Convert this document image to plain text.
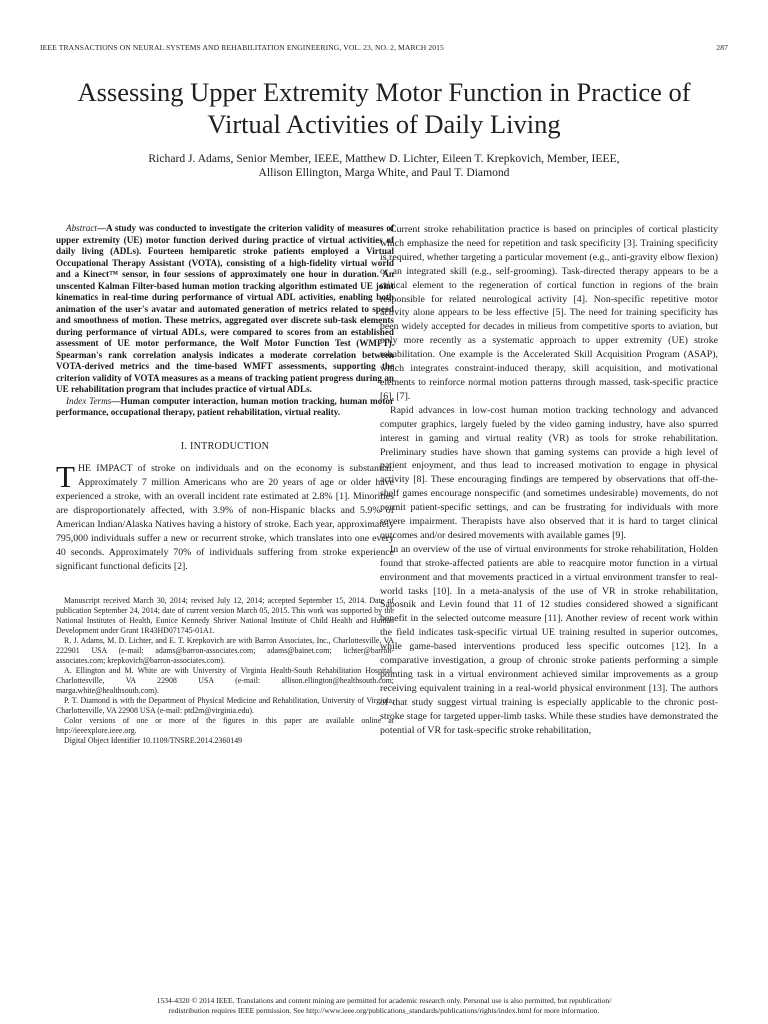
IEEE TRANSACTIONS ON NEURAL SYSTEMS AND REHABILITATION ENGINEERING, VOL. 23, NO. 2, MARCH 2015	287
Assessing Upper Extremity Motor Function in Practice of Virtual Activities of Daily Living
Richard J. Adams, Senior Member, IEEE, Matthew D. Lichter, Eileen T. Krepkovich, Member, IEEE,
Allison Ellington, Marga White, and Paul T. Diamond

Abstract—A study was conducted to investigate the criterion validity of measures of upper extremity (UE) motor function derived during practice of virtual activities of daily living (ADLs). Fourteen hemiparetic stroke patients employed a Virtual Occupational Therapy Assistant (VOTA), consisting of a high-fidelity virtual world and a Kinect™ sensor, in four sessions of approximately one hour in duration. An unscented Kalman Filter-based human motion tracking algorithm estimated UE joint kinematics in real-time during performance of virtual ADL activities, enabling both animation of the user's avatar and automated generation of metrics related to speed and smoothness of motion. These metrics, aggregated over discrete sub-task elements during performance of virtual ADLs, were compared to scores from an established assessment of UE motor performance, the Wolf Motor Function Test (WMFT). Spearman's rank correlation analysis indicates a moderate correlation between VOTA-derived metrics and the time-based WMFT assessments, supporting the criterion validity of VOTA measures as a means of tracking patient progress during an UE rehabilitation program that includes practice of virtual ADLs.

Index Terms—Human computer interaction, human motion tracking, human motor performance, occupational therapy, patient rehabilitation, virtual reality.

I. INTRODUCTION

THE IMPACT of stroke on individuals and on the economy is substantial. Approximately 7 million Americans who are 20 years of age or older have experienced a stroke, with an overall incident rate estimated at 2.8% [1]. Minorities are disproportionately affected, with 3.9% of non-Hispanic blacks and 5.9% of American Indian/Alaska Natives having a history of stroke. Each year, approximately 795,000 individuals suffer a new or recurrent stroke, which translates into one every 40 seconds. Approximately 70% of individuals suffering from stroke experience significant functional deficits [2].

Manuscript received March 30, 2014; revised July 12, 2014; accepted September 15, 2014. Date of publication September 24, 2014; date of current version March 05, 2015. This work was supported by the National Institutes of Health, Eunice Kennedy Shriver National Institute of Child Health and Human Development under Grant 1R43HD071745-01A1.

R. J. Adams, M. D. Lichter, and E. T. Krepkovich are with Barron Associates, Inc., Charlottesville, VA 222901 USA (e-mail: adams@barron-associates.com; adams@bainet.com; lichter@barron-associates.com; krepkovich@barron-associates.com).

A. Ellington and M. White are with University of Virginia Health-South Rehabilitation Hospital, Charlottesville, VA 22908 USA (e-mail: allison.ellington@healthsouth.com; marga.white@healthsouth.com).

P. T. Diamond is with the Department of Physical Medicine and Rehabilitation, University of Virginia, Charlottesville, VA 22908 USA (e-mail: ptd2m@virginia.edu).

Color versions of one or more of the figures in this paper are available online at http://ieeexplore.ieee.org.

Digital Object Identifier 10.1109/TNSRE.2014.2360149

Current stroke rehabilitation practice is based on principles of cortical plasticity which emphasize the need for repetition and task specificity [3]. Training specificity is required, whether targeting a particular movement (e.g., anti-gravity elbow flexion) or an integrated skill (e.g., self-grooming). Task-directed therapy appears to be a critical element to the regeneration of cortical function in regions of the brain responsible for related neurological activity [4]. Non-specific repetitive motor activity alone appears to be less effective [5]. The need for training specificity has been widely accepted for decades in milieus from competitive sports to aviation, but only more recently as a systematic approach to upper extremity (UE) stroke rehabilitation. One example is the Accelerated Skill Acquisition Program (ASAP), which integrates constraint-induced therapy, skill acquisition, and motivational elements to reinforce normal motion patterns through massed, task-specific practice [6], [7].

Rapid advances in low-cost human motion tracking technology and advanced computer graphics, largely fueled by the video gaming industry, have also spurred interest in gaming and virtual reality (VR) as tools for stroke rehabilitation. Preliminary studies have shown that gaming systems can provide a high level of patient enjoyment, and thus lead to increased motivation to engage in physical activity [8]. These encouraging findings are tempered by observations that off-the-shelf games encourage nonspecific (and sometimes undesirable) movements, do not permit patient-specific settings, and can be frustrating for individuals with more severe impairment. Therapists have also observed that it is hard to target clinical outcomes and/or desired movements with available games [9].

In an overview of the use of virtual environments for stroke rehabilitation, Holden found that stroke-affected patients are able to reacquire motor function in a virtual environment and that movements practiced in a virtual environment transfer to real-world tasks [10]. In a meta-analysis of the use of VR in stroke rehabilitation, Saposnik and Levin found that 11 of 12 studies considered showed a significant benefit in the selected outcome measure [11]. Another review of recent work within the field indicates task-specific virtual UE training resulted in superior outcomes, while game-based interventions produced less specific outcomes [12]. In a comparative investigation, a group of chronic stroke patients performing a simple pointing task in a virtual environment achieved similar improvements as a group receiving equivalent training in a real-world physical environment [13]. The authors of that study suggest virtual training is especially applicable to the chronic post-stroke stage for targeted upper-limb tasks. While these studies have demonstrated the potential of VR for task-specific stroke rehabilitation,

1534-4320 © 2014 IEEE. Translations and content mining are permitted for academic research only. Personal use is also permitted, but republication/
redistribution requires IEEE permission. See http://www.ieee.org/publications_standards/publications/rights/index.html for more information.
